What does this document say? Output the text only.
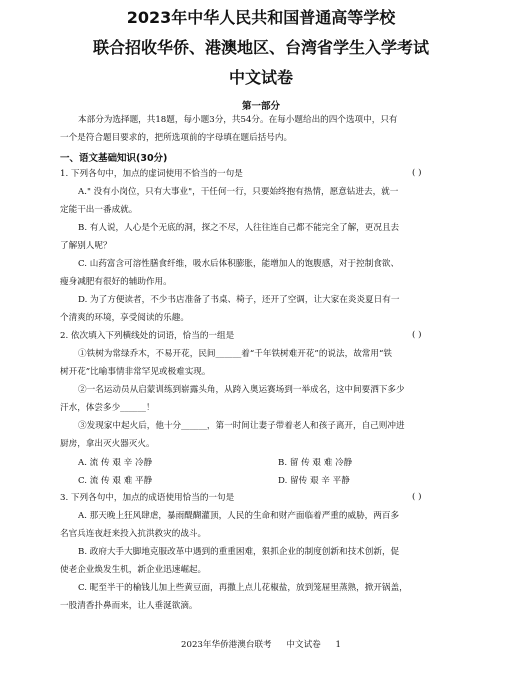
2023年中华人民共和国普通高等学校
联合招收华侨、港澳地区、台湾省学生入学考试
中文试卷
第一部分
本部分为选择题，共18题，每小题3分，共54分。在每小题给出的四个选项中，只有
一个是符合题目要求的，把所选项前的字母填在题后括号内。
一、语文基础知识(30分)
1. 下列各句中，加点的虚词使用不恰当的一句是	( )
A." 没有小岗位，只有大事业"，干任何一行，只要始终抱有热情，愿意钻进去，就一
定能干出一番成就。
B. 有人说，人心是个无底的洞，探之不尽，人往往连自己都不能完全了解，更况且去
了解别人呢？
C. 山药富含可溶性膳食纤维，吸水后体积膨胀，能增加人的饱腹感，对于控制食欲、
瘦身减肥有很好的辅助作用。
D. 为了方便读者，不少书店准备了书桌、椅子，还开了空调，让大家在炎炎夏日有一
个清爽的环境，享受阅读的乐趣。
2. 依次填入下列横线处的词语，恰当的一组是	( )
①铁树为常绿乔木，不易开花，民间______着“千年铁树难开花”的说法，故常用“铁
树开花”比喻事情非常罕见或极难实现。
②一名运动员从启蒙训练到崭露头角，从跨入奥运赛场到一举成名，这中间要洒下多少
汗水，体尝多少______！
③发现家中起火后，他十分______，第一时间让妻子带着老人和孩子离开，自己则冲进
厨房，拿出灭火器灭火。
A. 流 传 艰 辛 冷静	B. 留 传 艰 难 冷静
C. 流 传 艰 难 平静	D. 留传 艰 辛 平静
3. 下列各句中，加点的成语使用恰当的一句是	( )
A. 那天晚上狂风肆虐，暴雨醍醐灌顶，人民的生命和财产面临着严重的威胁，两百多
名官兵连夜赶来投入抗洪救灾的战斗。
B. 政府大手大脚地克服改革中遇到的重重困难，狠抓企业的制度创新和技术创新，促
使老企业焕发生机，新企业迅速崛起。
C. 昵至半干的榆钱儿加上些黄豆面，再撒上点儿花椒盐，放到笼屉里蒸熟，掀开锅盖，
一股清香扑鼻而来，让人垂涎欲滴。
2023年华侨港澳台联考 中文试卷 1
